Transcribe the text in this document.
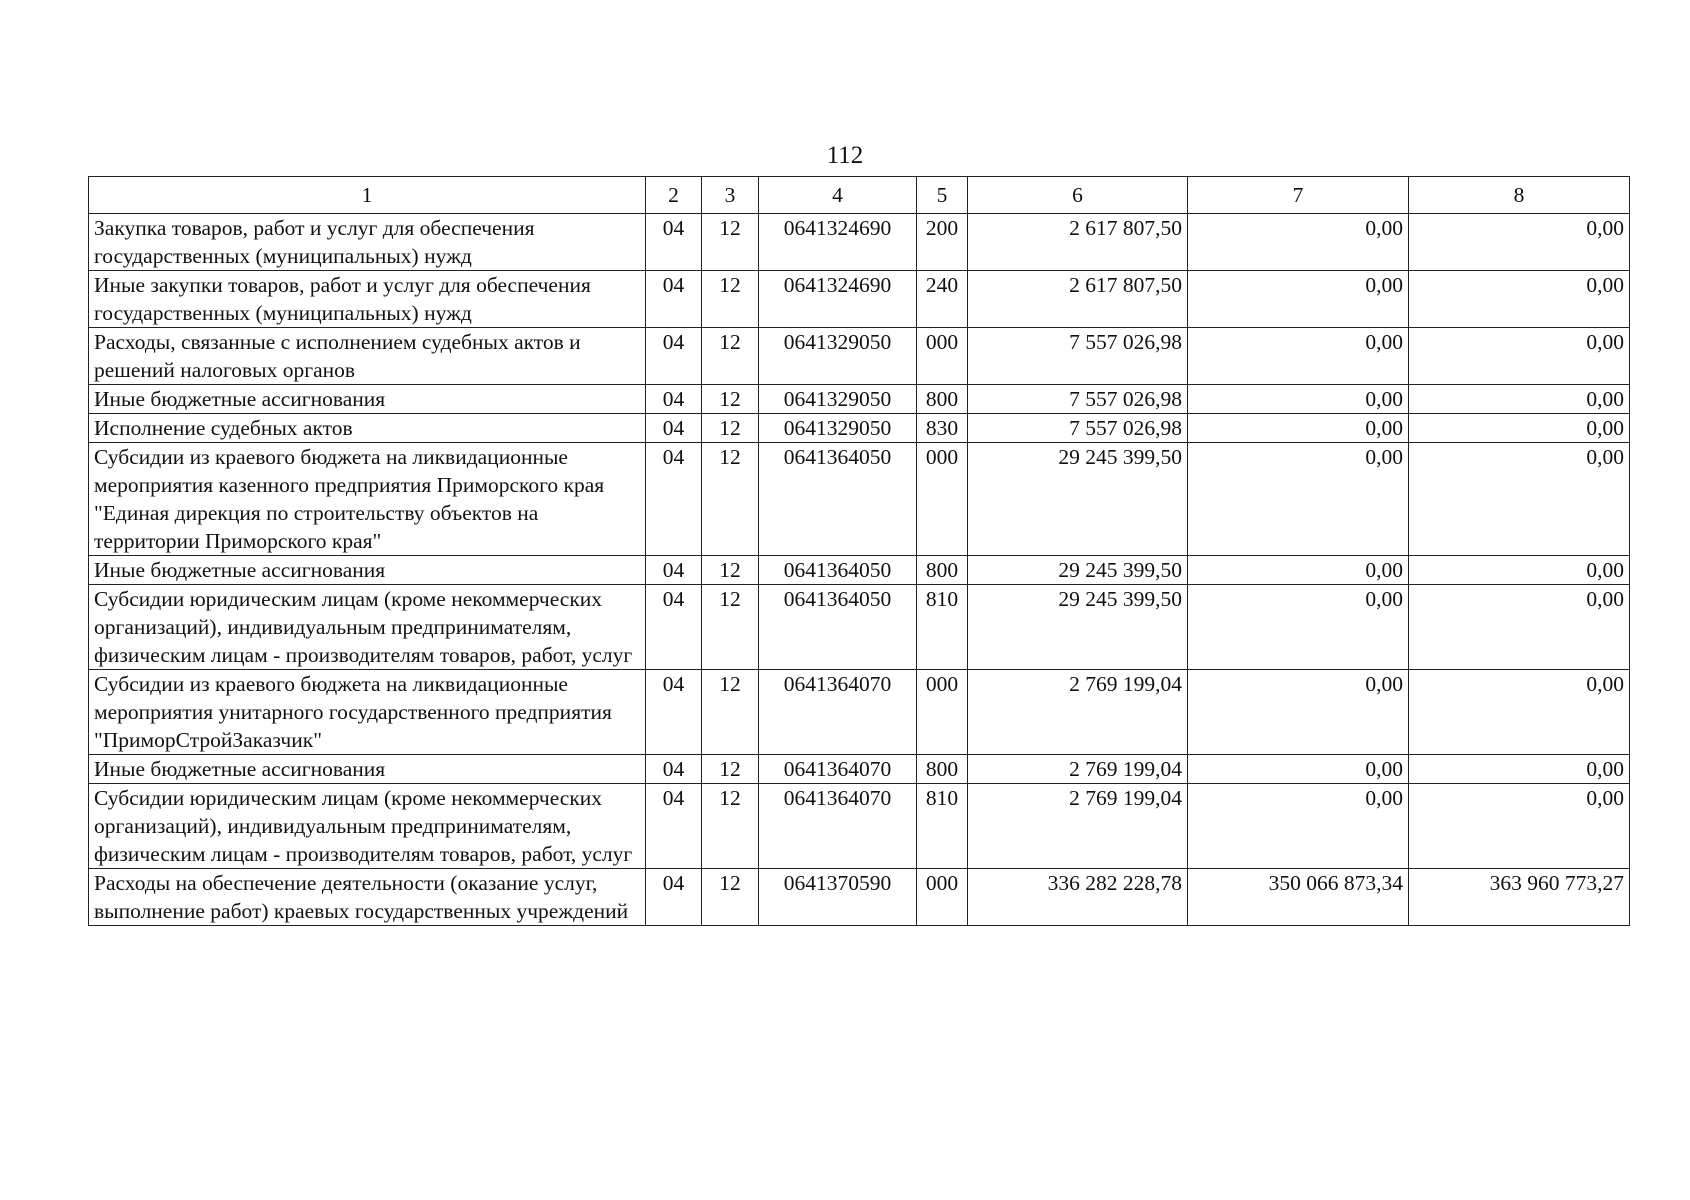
112
1	2	3	4	5	6	7	8
Закупка товаров, работ и услуг для обеспечения государственных (муниципальных) нужд	04	12	0641324690	200	2 617 807,50	0,00	0,00
Иные закупки товаров, работ и услуг для обеспечения государственных (муниципальных) нужд	04	12	0641324690	240	2 617 807,50	0,00	0,00
Расходы, связанные с исполнением судебных актов и решений налоговых органов	04	12	0641329050	000	7 557 026,98	0,00	0,00
Иные бюджетные ассигнования	04	12	0641329050	800	7 557 026,98	0,00	0,00
Исполнение судебных актов	04	12	0641329050	830	7 557 026,98	0,00	0,00
Субсидии из краевого бюджета на ликвидационные мероприятия казенного предприятия Приморского края "Единая дирекция по строительству объектов на территории Приморского края"	04	12	0641364050	000	29 245 399,50	0,00	0,00
Иные бюджетные ассигнования	04	12	0641364050	800	29 245 399,50	0,00	0,00
Субсидии юридическим лицам (кроме некоммерческих организаций), индивидуальным предпринимателям, физическим лицам - производителям товаров, работ, услуг	04	12	0641364050	810	29 245 399,50	0,00	0,00
Субсидии из краевого бюджета на ликвидационные мероприятия унитарного государственного предприятия "ПриморСтройЗаказчик"	04	12	0641364070	000	2 769 199,04	0,00	0,00
Иные бюджетные ассигнования	04	12	0641364070	800	2 769 199,04	0,00	0,00
Субсидии юридическим лицам (кроме некоммерческих организаций), индивидуальным предпринимателям, физическим лицам - производителям товаров, работ, услуг	04	12	0641364070	810	2 769 199,04	0,00	0,00
Расходы на обеспечение деятельности (оказание услуг, выполнение работ) краевых государственных учреждений	04	12	0641370590	000	336 282 228,78	350 066 873,34	363 960 773,27
